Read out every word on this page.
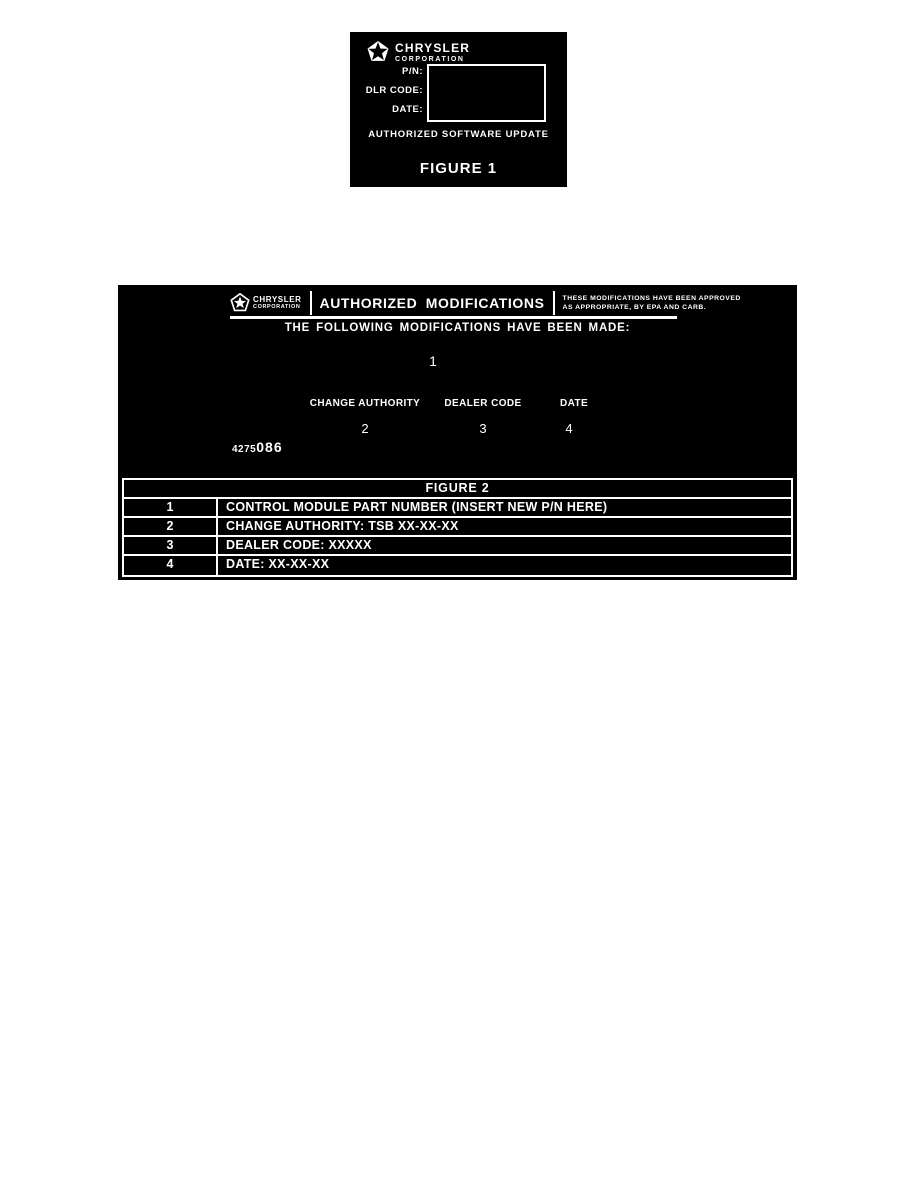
CHRYSLER
CORPORATION
P/N:
DLR CODE:
DATE:
AUTHORIZED SOFTWARE UPDATE
FIGURE 1
CHRYSLER
CORPORATION AUTHORIZED MODIFICATIONS	THESE MODIFICATIONS HAVE BEEN APPROVED
AS APPROPRIATE, BY EPA AND CARB.
THE FOLLOWING MODIFICATIONS HAVE BEEN MADE:
1
CHANGE AUTHORITY	DEALER CODE	DATE
2	3	4
4275086
FIGURE 2
1	CONTROL MODULE PART NUMBER (INSERT NEW P/N HERE)
2	CHANGE AUTHORITY: TSB XX-XX-XX
3	DEALER CODE: XXXXX
4	DATE: XX-XX-XX
